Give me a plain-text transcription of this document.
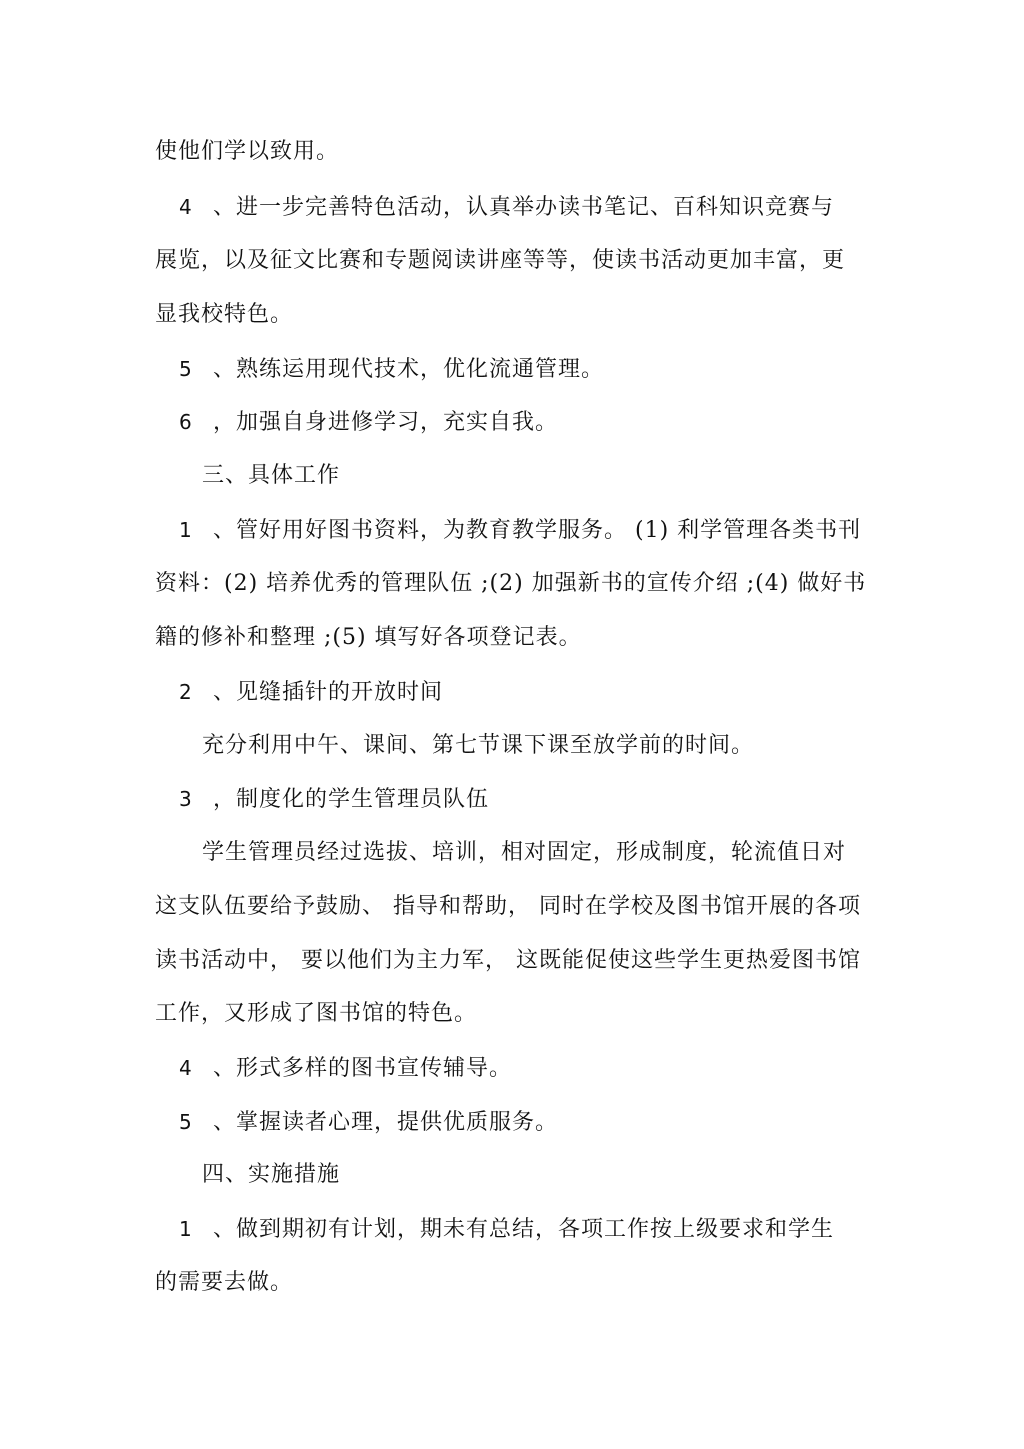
使他们学以致用。
4 、进一步完善特色活动，认真举办读书笔记、百科知识竞赛与
展览，以及征文比赛和专题阅读讲座等等，使读书活动更加丰富，更
显我校特色。
5 、熟练运用现代技术，优化流通管理。
6 ，加强自身进修学习，充实自我。
三、具体工作
1 、管好用好图书资料，为教育教学服务。 (1) 利学管理各类书刊
资料：(2) 培养优秀的管理队伍 ;(2) 加强新书的宣传介绍 ;(4) 做好书
籍的修补和整理 ;(5) 填写好各项登记表。
2 、见缝插针的开放时间
充分利用中午、课间、第七节课下课至放学前的时间。
3 ，制度化的学生管理员队伍
学生管理员经过选拔、培训，相对固定，形成制度，轮流值日对
这支队伍要给予鼓励、 指导和帮助， 同时在学校及图书馆开展的各项
读书活动中， 要以他们为主力军， 这既能促使这些学生更热爱图书馆
工作，又形成了图书馆的特色。
4 、形式多样的图书宣传辅导。
5 、掌握读者心理，提供优质服务。
四、实施措施
1 、做到期初有计划，期未有总结，各项工作按上级要求和学生
的需要去做。
